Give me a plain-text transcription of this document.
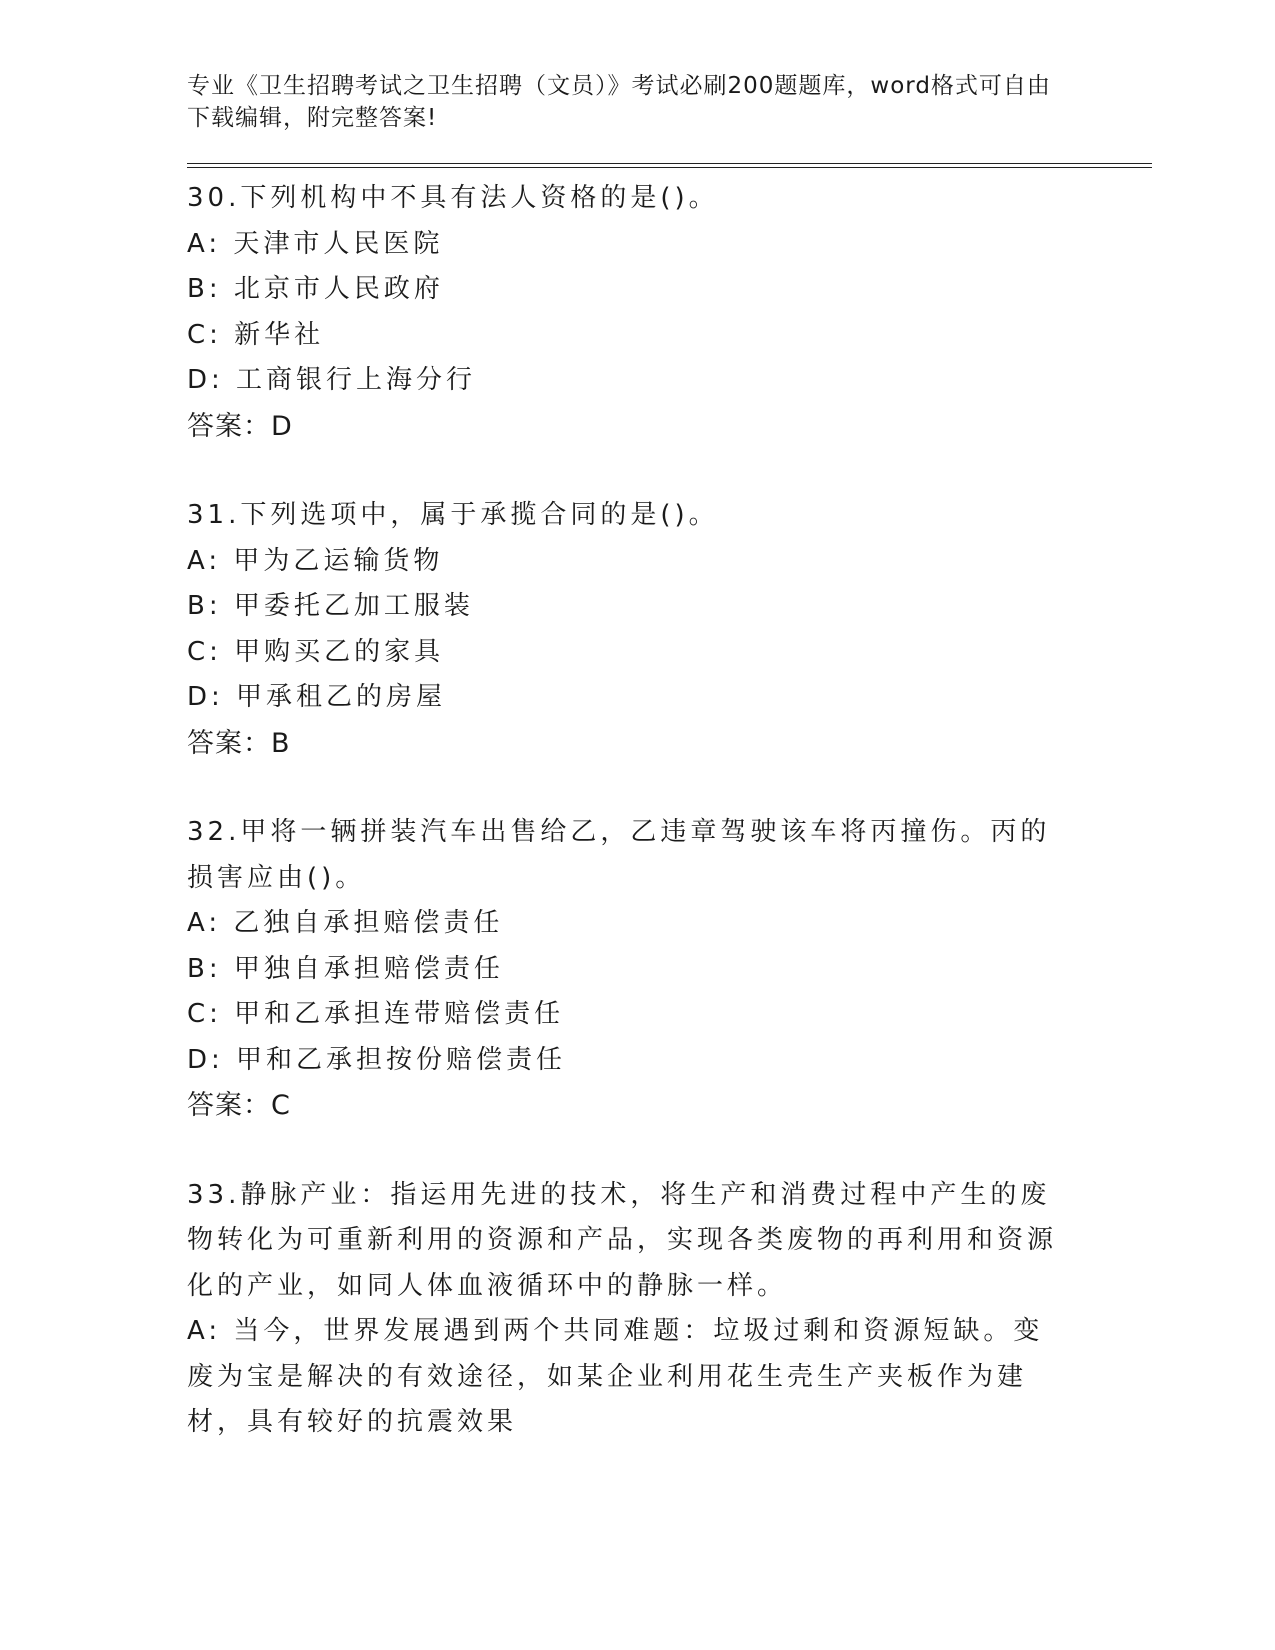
专业《卫生招聘考试之卫生招聘（文员）》考试必刷200题题库，word格式可自由下载编辑，附完整答案!
30.下列机构中不具有法人资格的是()。
A: 天津市人民医院
B: 北京市人民政府
C: 新华社
D: 工商银行上海分行
答案：D
31.下列选项中，属于承揽合同的是()。
A: 甲为乙运输货物
B: 甲委托乙加工服装
C: 甲购买乙的家具
D: 甲承租乙的房屋
答案：B
32.甲将一辆拼装汽车出售给乙，乙违章驾驶该车将丙撞伤。丙的损害应由()。
A: 乙独自承担赔偿责任
B: 甲独自承担赔偿责任
C: 甲和乙承担连带赔偿责任
D: 甲和乙承担按份赔偿责任
答案：C
33.静脉产业：指运用先进的技术，将生产和消费过程中产生的废物转化为可重新利用的资源和产品，实现各类废物的再利用和资源化的产业，如同人体血液循环中的静脉一样。
A: 当今，世界发展遇到两个共同难题：垃圾过剩和资源短缺。变废为宝是解决的有效途径，如某企业利用花生壳生产夹板作为建材，具有较好的抗震效果
